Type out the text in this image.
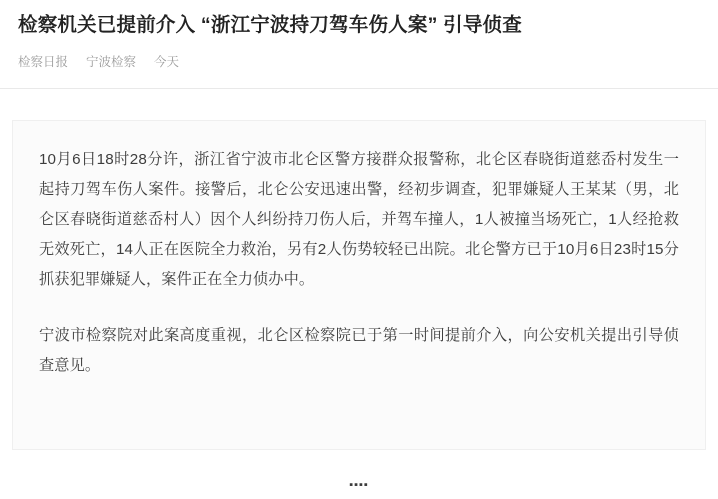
检察机关已提前介入 “浙江宁波持刀驾车伤人案” 引导侦查
检察日报 宁波检察 今天

10月6日18时28分许，浙江省宁波市北仑区警方接群众报警称，北仑区春晓街道慈岙村发生一起持刀驾车伤人案件。接警后，北仑公安迅速出警，经初步调查，犯罪嫌疑人王某某（男，北仑区春晓街道慈岙村人）因个人纠纷持刀伤人后，并驾车撞人，1人被撞当场死亡，1人经抢救无效死亡，14人正在医院全力救治，另有2人伤势较轻已出院。北仑警方已于10月6日23时15分抓获犯罪嫌疑人，案件正在全力侦办中。

宁波市检察院对此案高度重视，北仑区检察院已于第一时间提前介入，向公安机关提出引导侦查意见。

▪▪▪▪
